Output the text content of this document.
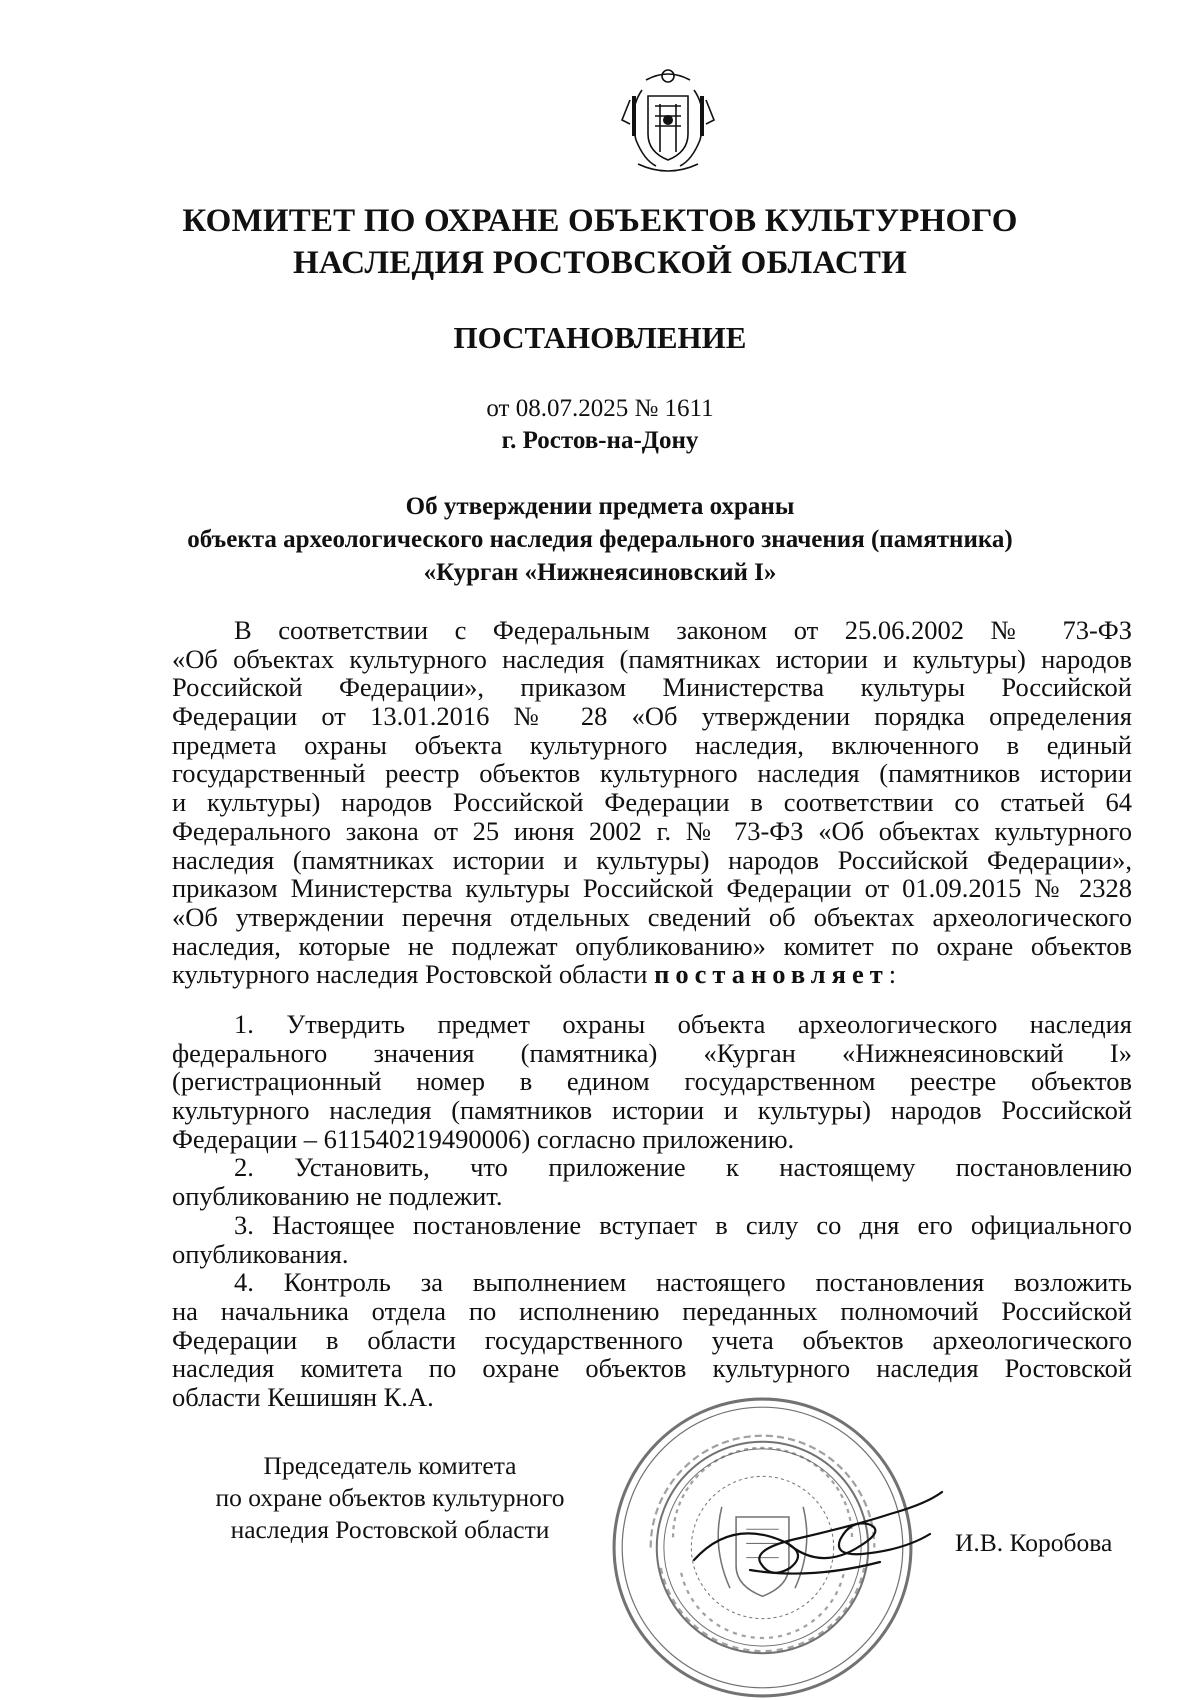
КОМИТЕТ ПО ОХРАНЕ ОБЪЕКТОВ КУЛЬТУРНОГО
НАСЛЕДИЯ РОСТОВСКОЙ ОБЛАСТИ
ПОСТАНОВЛЕНИЕ
от 08.07.2025 № 1611
г. Ростов-на-Дону
Об утверждении предмета охраны
объекта археологического наследия федерального значения (памятника)
«Курган «Нижнеясиновский I»
В соответствии с Федеральным законом от 25.06.2002 № 73-ФЗ
«Об объектах культурного наследия (памятниках истории и культуры) народов
Российской Федерации», приказом Министерства культуры Российской
Федерации от 13.01.2016 № 28 «Об утверждении порядка определения
предмета охраны объекта культурного наследия, включенного в единый
государственный реестр объектов культурного наследия (памятников истории
и культуры) народов Российской Федерации в соответствии со статьей 64
Федерального закона от 25 июня 2002 г. № 73-ФЗ «Об объектах культурного
наследия (памятниках истории и культуры) народов Российской Федерации»,
приказом Министерства культуры Российской Федерации от 01.09.2015 № 2328
«Об утверждении перечня отдельных сведений об объектах археологического
наследия, которые не подлежат опубликованию» комитет по охране объектов
культурного наследия Ростовской области постановляет:
1. Утвердить предмет охраны объекта археологического наследия
федерального значения (памятника) «Курган «Нижнеясиновский I»
(регистрационный номер в едином государственном реестре объектов
культурного наследия (памятников истории и культуры) народов Российской
Федерации – 611540219490006) согласно приложению.
2. Установить, что приложение к настоящему постановлению
опубликованию не подлежит.
3. Настоящее постановление вступает в силу со дня его официального
опубликования.
4. Контроль за выполнением настоящего постановления возложить
на начальника отдела по исполнению переданных полномочий Российской
Федерации в области государственного учета объектов археологического
наследия комитета по охране объектов культурного наследия Ростовской
области Кешишян К.А.
Председатель комитета
по охране объектов культурного
наследия Ростовской области	И.В. Коробова
